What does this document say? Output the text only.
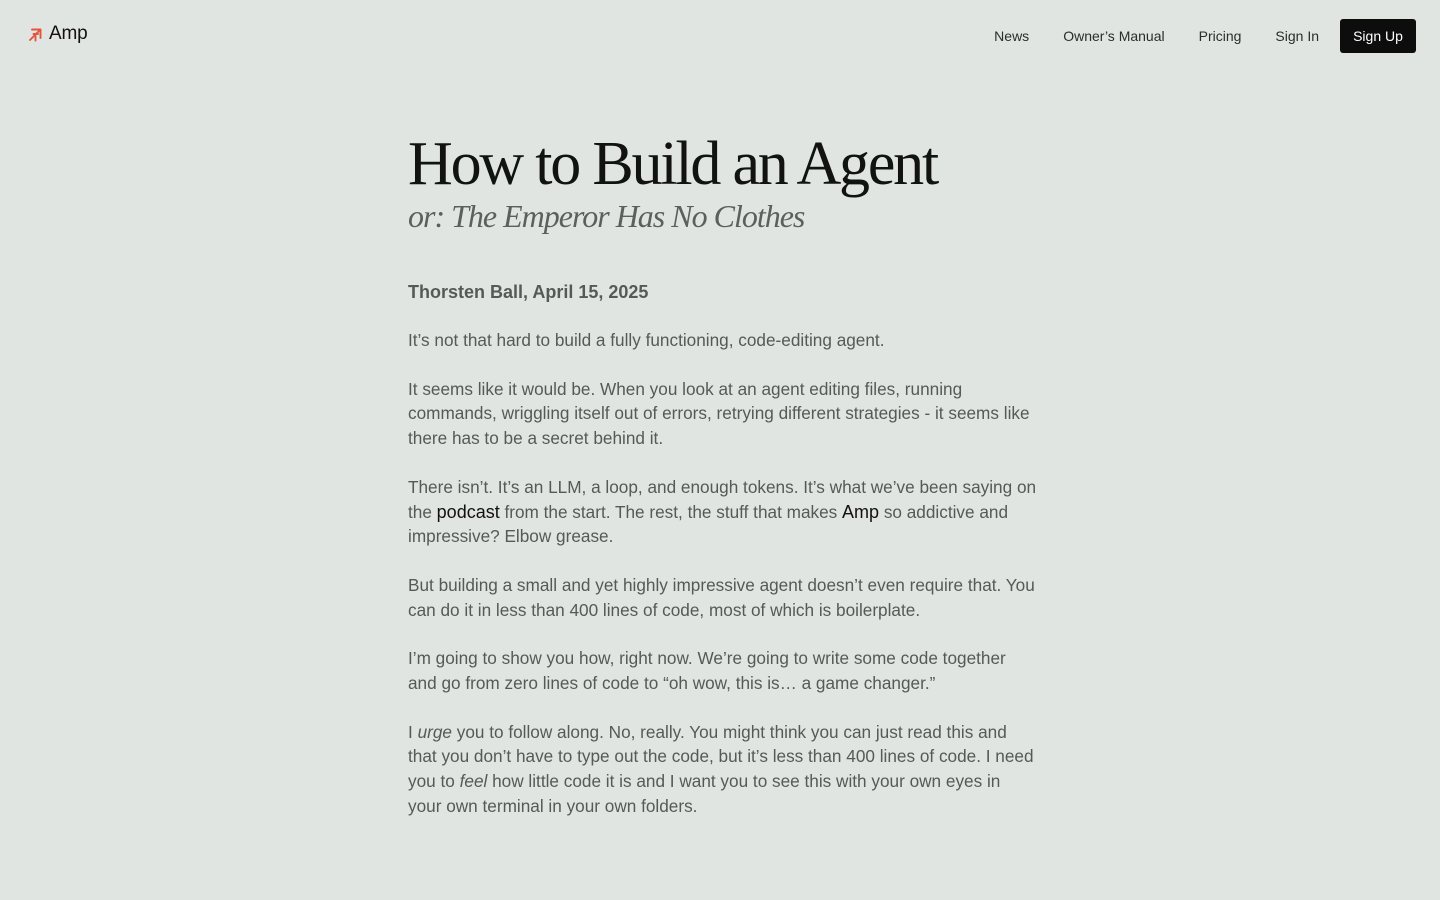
Amp	News Owner’s Manual Pricing Sign In	Sign Up
How to Build an Agent
or: The Emperor Has No Clothes

Thorsten Ball, April 15, 2025

It’s not that hard to build a fully functioning, code-editing agent.

It seems like it would be. When you look at an agent editing files, running commands, wriggling itself out of errors, retrying different strategies - it seems like there has to be a secret behind it.

There isn’t. It’s an LLM, a loop, and enough tokens. It’s what we’ve been saying on the podcast from the start. The rest, the stuff that makes Amp so addictive and impressive? Elbow grease.

But building a small and yet highly impressive agent doesn’t even require that. You can do it in less than 400 lines of code, most of which is boilerplate.

I’m going to show you how, right now. We’re going to write some code together and go from zero lines of code to “oh wow, this is… a game changer.”

I urge you to follow along. No, really. You might think you can just read this and that you don’t have to type out the code, but it’s less than 400 lines of code. I need you to feel how little code it is and I want you to see this with your own eyes in your own terminal in your own folders.
